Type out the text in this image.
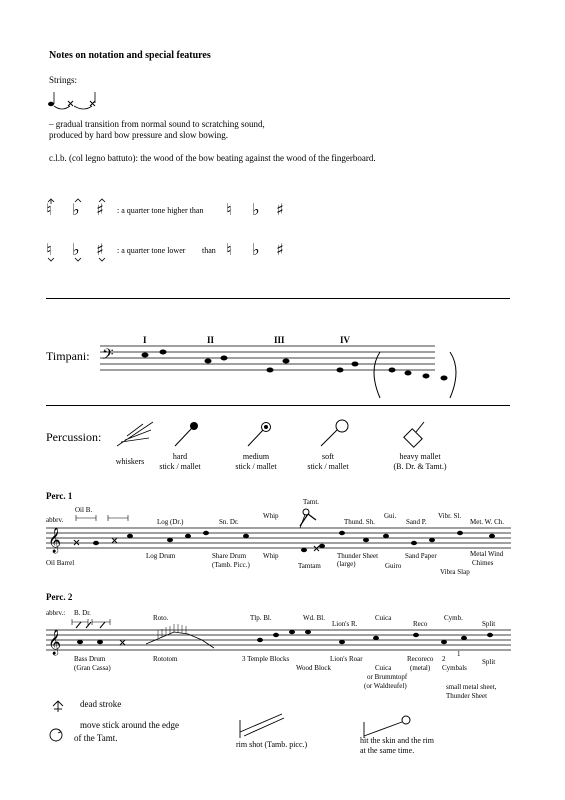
Notes on notation and special features
Strings:
– gradual transition from normal sound to scratching sound,
produced by hard bow pressure and slow bowing.
c.l.b. (col legno battuto): the wood of the bow beating against the wood of the fingerboard.
♮ ♭ ♯ : a quarter tone higher than ♮ ♭ ♯
♮ ♭ ♯ : a quarter tone lower than ♮ ♭ ♯
I	II	III	IV
Timpani: 𝄢
Percussion:
whiskers
hard
stick / mallet
medium
stick / mallet
soft
stick / mallet
heavy mallet
(B. Dr. & Tamt.)
Perc. 1
abbrv.
Oil B.
Log (Dr.)	Sn. Dr.
Whip
Tamt.
Thund. Sh.
Gui.
Sand P.
Vibr. Sl.
Met. W. Ch.
𝄞
Oil Barrel
Log Drum	Share Drum
(Tamb. Picc.)
Whip
Tamtam
Thunder Sheet
(large)	Guiro
Sand Paper
Vibra Slap
Metal Wind
Chimes
Perc. 2
abbrv.: B. Dr.
Roto.	Tlp. Bl.	Wd. Bl.
Lion's R.
Cuica
Reco
Cymb.
Split
𝄞
Bass Drum
(Gran Cassa)
Rototom	3 Temple Blocks
Wood Block
Lion's Roar
Cuica
or Brummtopf
(or Waldteufel)
Recoreco
(metal)
2
Cymbals
1
Split
small metal sheet,
Thunder Sheet
dead stroke
move stick around the edge
of the Tamt.
rim shot (Tamb. picc.)	hit the skin and the rim
at the same time.
